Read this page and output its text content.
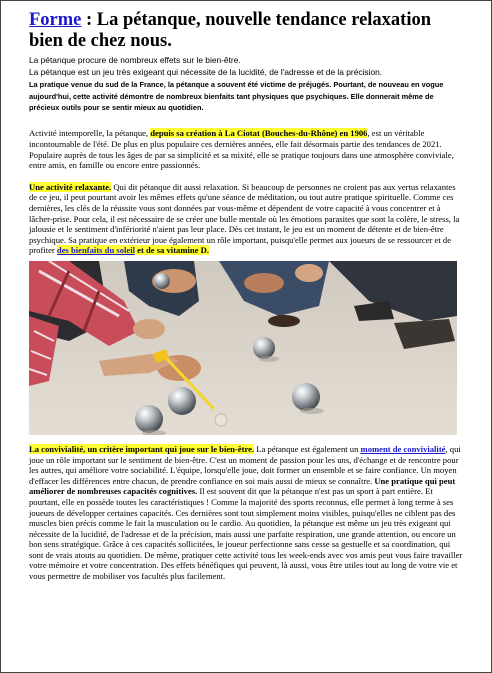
Forme : La pétanque, nouvelle tendance relaxation bien de chez nous.

La pétanque procure de nombreux effets sur le bien-être.

La pétanque est un jeu très exigeant qui nécessite de la lucidité, de l'adresse et de la précision.

La pratique venue du sud de la France, la pétanque a souvent été victime de préjugés. Pourtant, de nouveau en vogue aujourd'hui, cette activité démontre de nombreux bienfaits tant physiques que psychiques. Elle donnerait même de précieux outils pour se sentir mieux au quotidien.

Activité intemporelle, la pétanque, depuis sa création à La Ciotat (Bouches-du-Rhône) en 1906, est un véritable incontournable de l'été. De plus en plus populaire ces dernières années, elle fait désormais partie des tendances de 2021. Populaire auprès de tous les âges de par sa simplicité et sa mixité, elle se pratique toujours dans une atmosphère conviviale, entre amis, en famille ou encore entre passionnés.

Une activité relaxante. Qui dit pétanque dit aussi relaxation. Si beaucoup de personnes ne croient pas aux vertus relaxantes de ce jeu, il peut pourtant avoir les mêmes effets qu'une séance de méditation, ou tout autre pratique spirituelle. Comme ces dernières, les clés de la réussite vous sont données par vous-même et dépendent de votre capacité à vous concentrer et à lâcher-prise. Pour cela, il est nécessaire de se créer une bulle mentale où les émotions parasites que sont la colère, le stress, la jalousie et le sentiment d'infériorité n'aient pas leur place. Dès cet instant, le jeu est un moment de détente et de bien-être psychique. Sa pratique en extérieur joue également un rôle important, puisqu'elle permet aux joueurs de se ressourcer et de profiter des bienfaits du soleil et de sa vitamine D.

La convivialité, un critère important qui joue sur le bien-être. La pétanque est également un moment de convivialité, qui joue un rôle important sur le sentiment de bien-être. C'est un moment de passion pour les uns, d'échange et de rencontre pour les autres, qui améliore votre sociabilité. L'équipe, lorsqu'elle joue, doit former un ensemble et se faire confiance. Un moyen d'effacer les différences entre chacun, de prendre confiance en soi mais aussi de mieux se connaître. Une pratique qui peut améliorer de nombreuses capacités cognitives. Il est souvent dit que la pétanque n'est pas un sport à part entière. Et pourtant, elle en possède toutes les caractéristiques ! Comme la majorité des sports reconnus, elle permet à long terme à ses joueurs de développer certaines capacités. Ces dernières sont tout simplement moins visibles, puisqu'elles ne ciblent pas des muscles bien précis comme le fait la musculation ou le cardio. Au quotidien, la pétanque est même un jeu très exigeant qui nécessite de la lucidité, de l'adresse et de la précision, mais aussi une parfaite respiration, une grande attention, ou encore un bon sens stratégique. Grâce à ces capacités sollicitées, le joueur perfectionne sans cesse sa gestuelle et sa coordination, qui sont de vrais atouts au quotidien. De même, pratiquer cette activité tous les week-ends avec vos amis peut vous faire travailler votre mémoire et votre concentration. Des effets bénéfiques qui peuvent, là aussi, vous être utiles tout au long de votre vie et vous permettre de mobiliser vos facultés plus facilement.
